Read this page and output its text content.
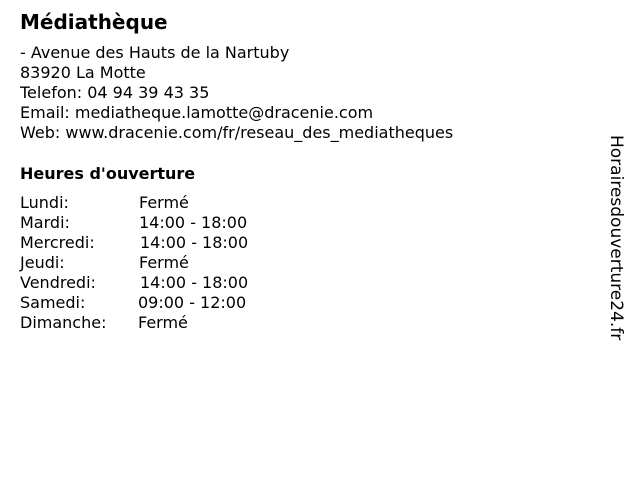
Médiathèque
- Avenue des Hauts de la Nartuby
83920 La Motte
Telefon: 04 94 39 43 35
Email: mediatheque.lamotte@dracenie.com
Web: www.dracenie.com/fr/reseau_des_mediatheques
Heures d'ouverture
Lundi:	Fermé
Mardi:	14:00 - 18:00
Mercredi:	14:00 - 18:00
Jeudi:	Fermé
Vendredi:	14:00 - 18:00
Samedi:	09:00 - 12:00
Dimanche: Fermé	Horairesdouverture24.fr
